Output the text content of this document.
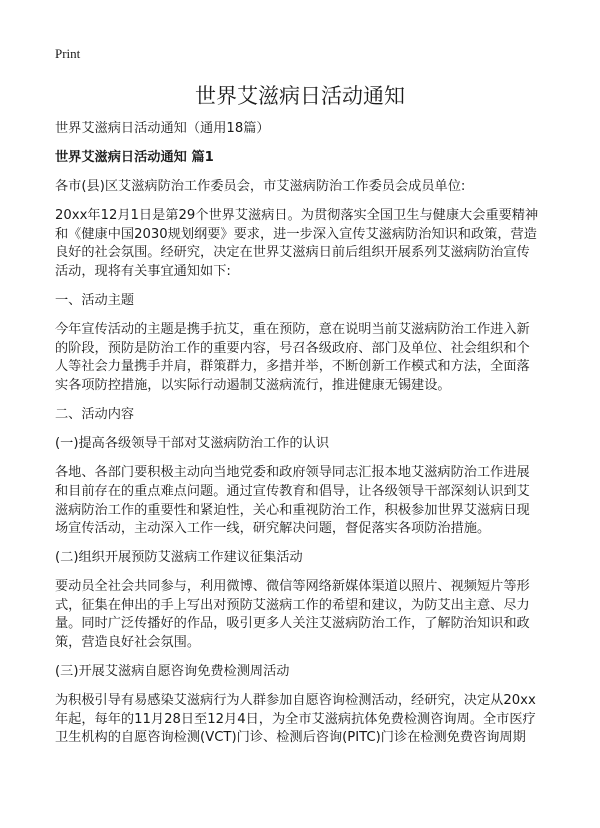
Print
世界艾滋病日活动通知
世界艾滋病日活动通知（通用18篇）
世界艾滋病日活动通知 篇1
各市(县)区艾滋病防治工作委员会，市艾滋病防治工作委员会成员单位:
20xx年12月1日是第29个世界艾滋病日。为贯彻落实全国卫生与健康大会重要精神
和《健康中国2030规划纲要》要求，进一步深入宣传艾滋病防治知识和政策，营造
良好的社会氛围。经研究，决定在世界艾滋病日前后组织开展系列艾滋病防治宣传
活动，现将有关事宜通知如下:
一、活动主题
今年宣传活动的主题是携手抗艾，重在预防，意在说明当前艾滋病防治工作进入新
的阶段，预防是防治工作的重要内容，号召各级政府、部门及单位、社会组织和个
人等社会力量携手并肩，群策群力，多措并举，不断创新工作模式和方法，全面落
实各项防控措施，以实际行动遏制艾滋病流行，推进健康无锡建设。
二、活动内容
(一)提高各级领导干部对艾滋病防治工作的认识
各地、各部门要积极主动向当地党委和政府领导同志汇报本地艾滋病防治工作进展
和目前存在的重点难点问题。通过宣传教育和倡导，让各级领导干部深刻认识到艾
滋病防治工作的重要性和紧迫性，关心和重视防治工作，积极参加世界艾滋病日现
场宣传活动，主动深入工作一线，研究解决问题，督促落实各项防治措施。
(二)组织开展预防艾滋病工作建议征集活动
要动员全社会共同参与，利用微博、微信等网络新媒体渠道以照片、视频短片等形
式，征集在伸出的手上写出对预防艾滋病工作的希望和建议，为防艾出主意、尽力
量。同时广泛传播好的作品，吸引更多人关注艾滋病防治工作，了解防治知识和政
策，营造良好社会氛围。
(三)开展艾滋病自愿咨询免费检测周活动
为积极引导有易感染艾滋病行为人群参加自愿咨询检测活动，经研究，决定从20xx
年起，每年的11月28日至12月4日，为全市艾滋病抗体免费检测咨询周。全市医疗
卫生机构的自愿咨询检测(VCT)门诊、检测后咨询(PITC)门诊在检测免费咨询周期
